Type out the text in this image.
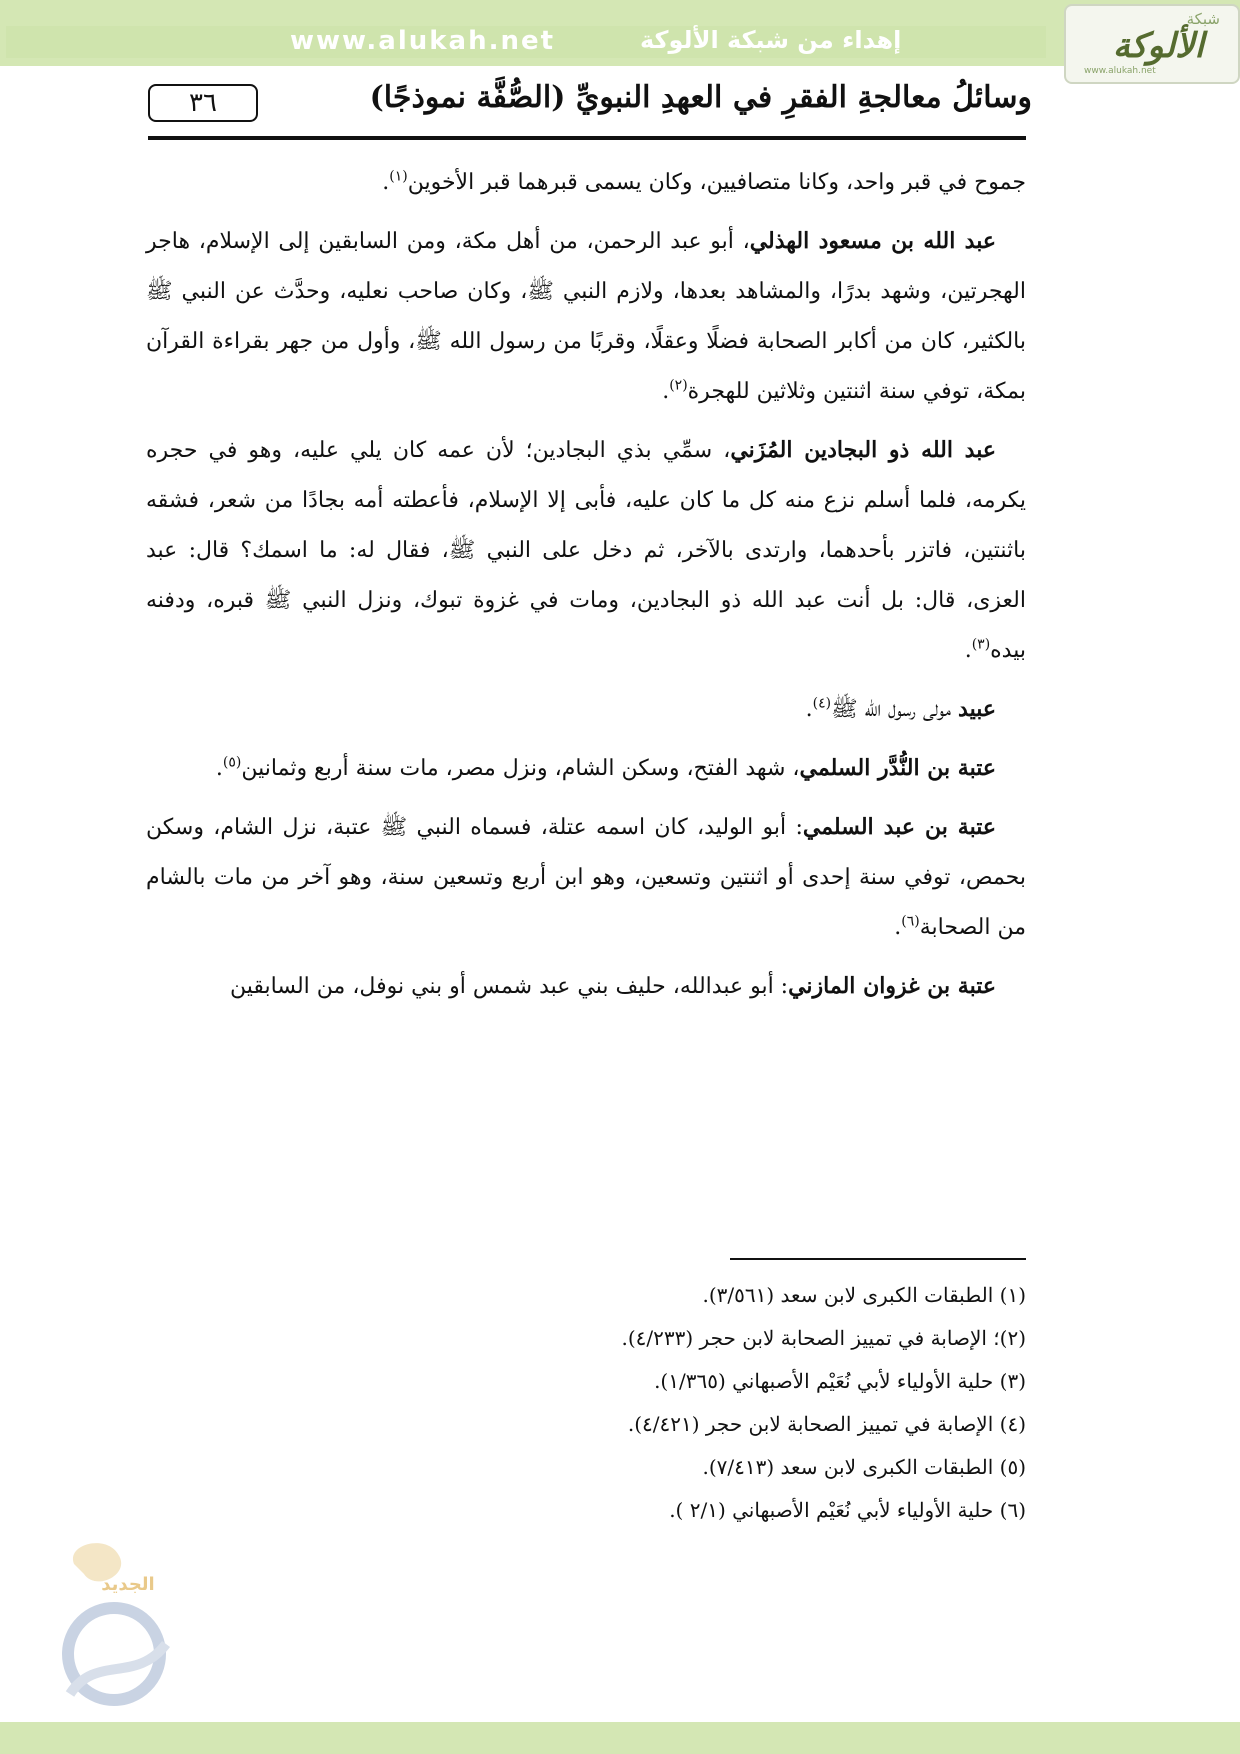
www.alukah.net	إهداء من شبكة الألوكة
شبكة
الألوكة
www.alukah.net
٣٦	وسائلُ معالجةِ الفقرِ في العهدِ النبويِّ (الصُّفَّة نموذجًا)

جموح في قبر واحد، وكانا متصافيين، وكان يسمى قبرهما قبر الأخوين$^{(١)}$.

عبد الله بن مسعود الهذلي، أبو عبد الرحمن، من أهل مكة، ومن السابقين إلى الإسلام، هاجر الهجرتين، وشهد بدرًا، والمشاهد بعدها، ولازم النبي ﷺ، وكان صاحب نعليه، وحدَّث عن النبي ﷺ بالكثير، كان من أكابر الصحابة فضلًا وعقلًا، وقربًا من رسول الله ﷺ، وأول من جهر بقراءة القرآن بمكة، توفي سنة اثنتين وثلاثين للهجرة$^{(٢)}$.

عبد الله ذو البجادين المُزَني، سمِّي بذي البجادين؛ لأن عمه كان يلي عليه، وهو في حجره يكرمه، فلما أسلم نزع منه كل ما كان عليه، فأبى إلا الإسلام، فأعطته أمه بجادًا من شعر، فشقه باثنتين، فاتزر بأحدهما، وارتدى بالآخر، ثم دخل على النبي ﷺ، فقال له: ما اسمك؟ قال: عبد العزى، قال: بل أنت عبد الله ذو البجادين، ومات في غزوة تبوك، ونزل النبي ﷺ قبره، ودفنه بيده$^{(٣)}$.

عبيد مولى رسول الله ﷺ$^{(٤)}$.

عتبة بن النُّدَّر السلمي، شهد الفتح، وسكن الشام، ونزل مصر، مات سنة أربع وثمانين$^{(٥)}$.

عتبة بن عبد السلمي: أبو الوليد، كان اسمه عتلة، فسماه النبي ﷺ عتبة، نزل الشام، وسكن بحمص، توفي سنة إحدى أو اثنتين وتسعين، وهو ابن أربع وتسعين سنة، وهو آخر من مات بالشام من الصحابة$^{(٦)}$.

عتبة بن غزوان المازني: أبو عبدالله، حليف بني عبد شمس أو بني نوفل، من السابقين

(١) الطبقات الكبرى لابن سعد (٣/٥٦١).

(٢)؛ الإصابة في تمييز الصحابة لابن حجر (٤/٢٣٣).

(٣) حلية الأولياء لأبي نُعَيْم الأصبهاني (١/٣٦٥).

(٤) الإصابة في تمييز الصحابة لابن حجر (٤/٤٢١).

(٥) الطبقات الكبرى لابن سعد (٧/٤١٣).

(٦) حلية الأولياء لأبي نُعَيْم الأصبهاني (٢/١ ).

الجديد
